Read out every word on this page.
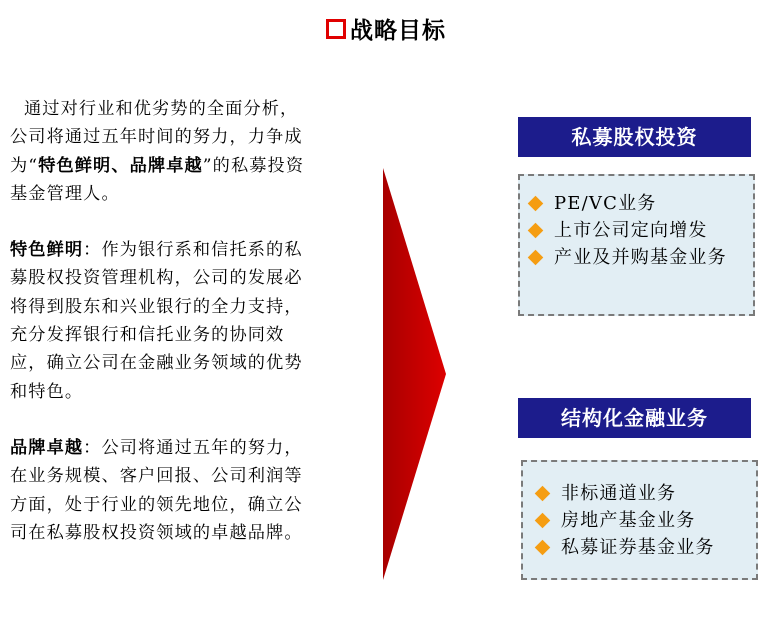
战略目标

通过对行业和优劣势的全面分析，公司将通过五年时间的努力，力争成为“特色鲜明、品牌卓越”的私募投资基金管理人。

特色鲜明：作为银行系和信托系的私募股权投资管理机构，公司的发展必将得到股东和兴业银行的全力支持，充分发挥银行和信托业务的协同效应，确立公司在金融业务领域的优势和特色。

品牌卓越：公司将通过五年的努力，在业务规模、客户回报、公司利润等方面，处于行业的领先地位，确立公司在私募股权投资领域的卓越品牌。

私募股权投资
PE/VC业务
上市公司定向增发
产业及并购基金业务
结构化金融业务
非标通道业务
房地产基金业务
私募证券基金业务
